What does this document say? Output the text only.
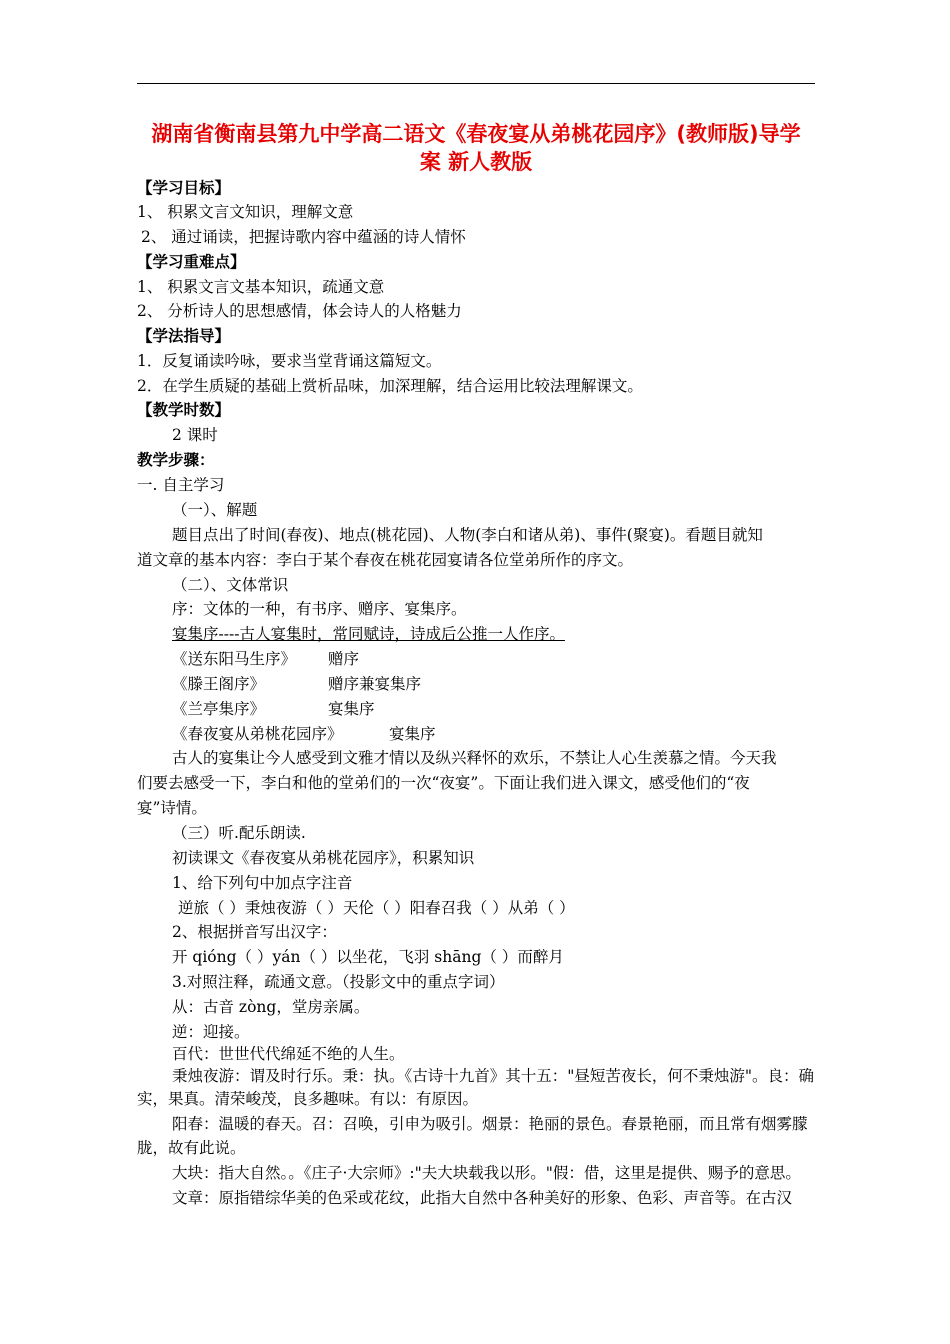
湖南省衡南县第九中学高二语文《春夜宴从弟桃花园序》(教师版)导学
案 新人教版
【学习目标】
1、 积累文言文知识，理解文意
2、 通过诵读，把握诗歌内容中蕴涵的诗人情怀
【学习重难点】
1、 积累文言文基本知识，疏通文意
2、 分析诗人的思想感情，体会诗人的人格魅力
【学法指导】
1．反复诵读吟咏，要求当堂背诵这篇短文。
2．在学生质疑的基础上赏析品味，加深理解，结合运用比较法理解课文。
【教学时数】
2 课时
教学步骤：
一. 自主学习
（一）、解题
题目点出了时间(春夜)、地点(桃花园)、人物(李白和诸从弟)、事件(聚宴)。看题目就知
道文章的基本内容：李白于某个春夜在桃花园宴请各位堂弟所作的序文。
（二）、文体常识
序：文体的一种，有书序、赠序、宴集序。
宴集序----古人宴集时，常同赋诗，诗成后公推一人作序。
《送东阳马生序》 赠序
《滕王阁序》	赠序兼宴集序
《兰亭集序》	宴集序
《春夜宴从弟桃花园序》	宴集序
古人的宴集让今人感受到文雅才情以及纵兴释怀的欢乐，不禁让人心生羡慕之情。今天我
们要去感受一下，李白和他的堂弟们的一次“夜宴”。下面让我们进入课文，感受他们的“夜
宴”诗情。
（三）听.配乐朗读.
初读课文《春夜宴从弟桃花园序》，积累知识
1、给下列句中加点字注音
逆旅（ ）秉烛夜游（ ）天伦（ ）阳春召我（ ）从弟（ ）
2、根据拼音写出汉字：
开 qióng（ ）yán（ ）以坐花，飞羽 shāng（ ）而醉月
3.对照注释，疏通文意。（投影文中的重点字词）
从：古音 zòng，堂房亲属。
逆：迎接。
百代：世世代代绵延不绝的人生。
秉烛夜游：谓及时行乐。秉：执。《古诗十九首》其十五："昼短苦夜长，何不秉烛游"。良：确
实，果真。清荣峻茂，良多趣味。有以：有原因。
阳春：温暖的春天。召：召唤，引申为吸引。烟景：艳丽的景色。春景艳丽，而且常有烟雾朦
胧，故有此说。
大块：指大自然。。《庄子·大宗师》:"夫大块载我以形。"假：借，这里是提供、赐予的意思。
文章：原指错综华美的色采或花纹，此指大自然中各种美好的形象、色彩、声音等。在古汉
